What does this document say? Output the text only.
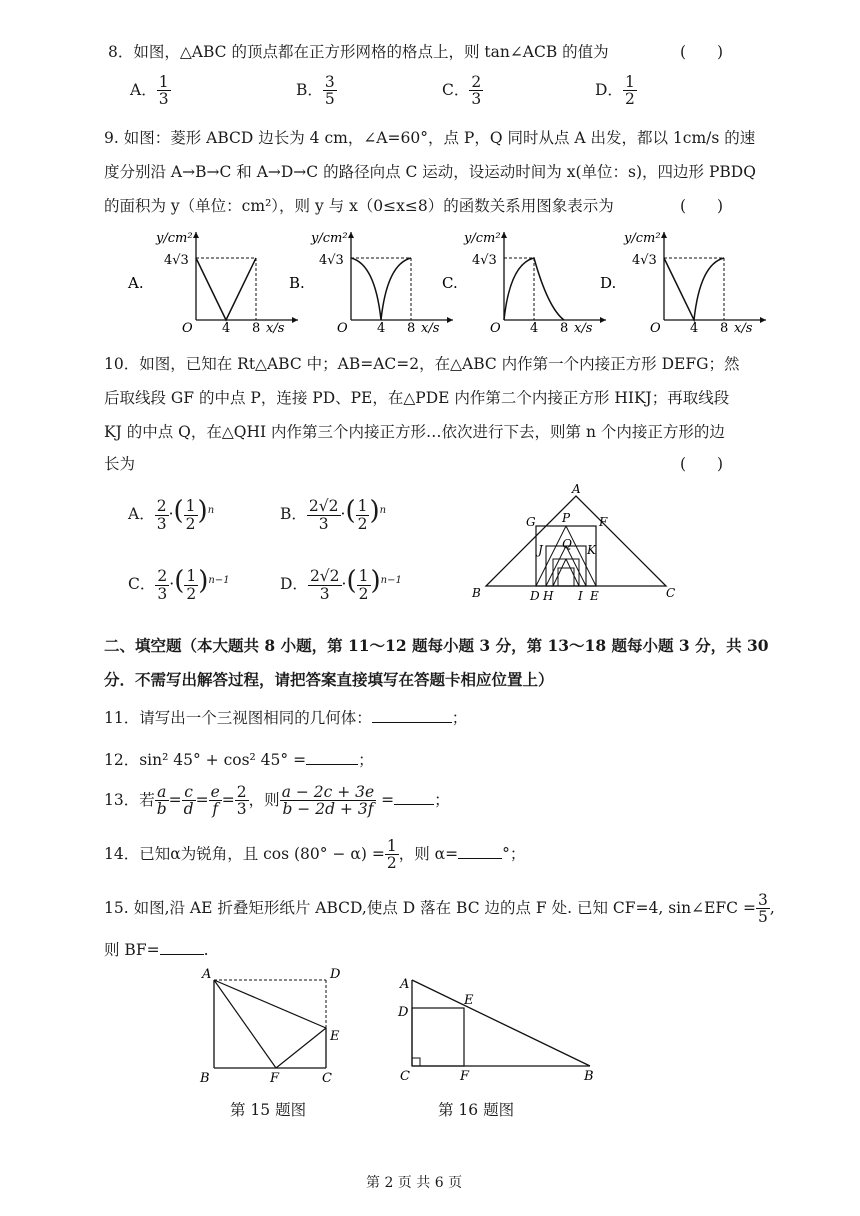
8．如图，△ABC 的顶点都在正方形网格的格点上，则 tan∠ACB 的值为	(　　)
A． $\frac{1}{3}$	B． $\frac{3}{5}$	C． $\frac{2}{3}$	D． $\frac{1}{2}$
9. 如图：菱形 ABCD 边长为 4 cm，∠A=60°，点 P，Q 同时从点 A 出发，都以 1cm/s 的速
度分别沿 A→B→C 和 A→D→C 的路径向点 C 运动，设运动时间为 x(单位：s)，四边形 PBDQ
的面积为 y（单位：cm²），则 y 与 x（0≤x≤8）的函数关系用图象表示为	(　　)
A.
y/cm²
4√3
O 4 8 x/s
B.
y/cm²
4√3
O 4 8 x/s
C.
y/cm²
4√3
O 4 8 x/s
D.
y/cm²
4√3
O 4 8 x/s
10．如图，已知在 Rt△ABC 中；AB=AC=2，在△ABC 内作第一个内接正方形 DEFG；然
后取线段 GF 的中点 P，连接 PD、PE，在△PDE 内作第二个内接正方形 HIKJ；再取线段
KJ 的中点 Q，在△QHI 内作第三个内接正方形…依次进行下去，则第 n 个内接正方形的边
长为	(　　)
A． $\frac{2}{3}$ ·( $\frac{1}{2} )^n$	B． $\frac{2√2}{3}$ ·( $\frac{1}{2} )^n$
C． $\frac{2}{3}$ ·( $\frac{1}{2} )^{n-1}$	D． $\frac{2√2}{3}$ ·( $\frac{1}{2} )^{n-1}$
A
B	C
D H I E
G P F
J Q K
二、填空题（本大题共 8 小题，第 11～12 题每小题 3 分，第 13～18 题每小题 3 分，共 30
分．不需写出解答过程，请把答案直接填写在答题卡相应位置上）
11．请写出一个三视图相同的几何体：	；
12．sin² 45° + cos² 45° =	；
13．若 $\frac{a}{b} = \frac{c}{d} = \frac{e}{f} = \frac{2}{3}$ ，则 $\frac{a - 2c + 3e}{b - 2d + 3f}$ =	；
14．已知α为锐角，且 $\cos (80^\circ - \alpha) = \frac{1}{2}$ ，则 α=	°；
15. 如图,沿 AE 折叠矩形纸片 ABCD,使点 D 落在 BC 边的点 F 处. 已知 CF=4, sin∠EFC = $\frac{3}{5}$ ,
则 BF=	.
A	D
E
B	F	C
第 15 题图
A
D
E
C	F	B
第 16 题图
第 2 页 共 6 页
